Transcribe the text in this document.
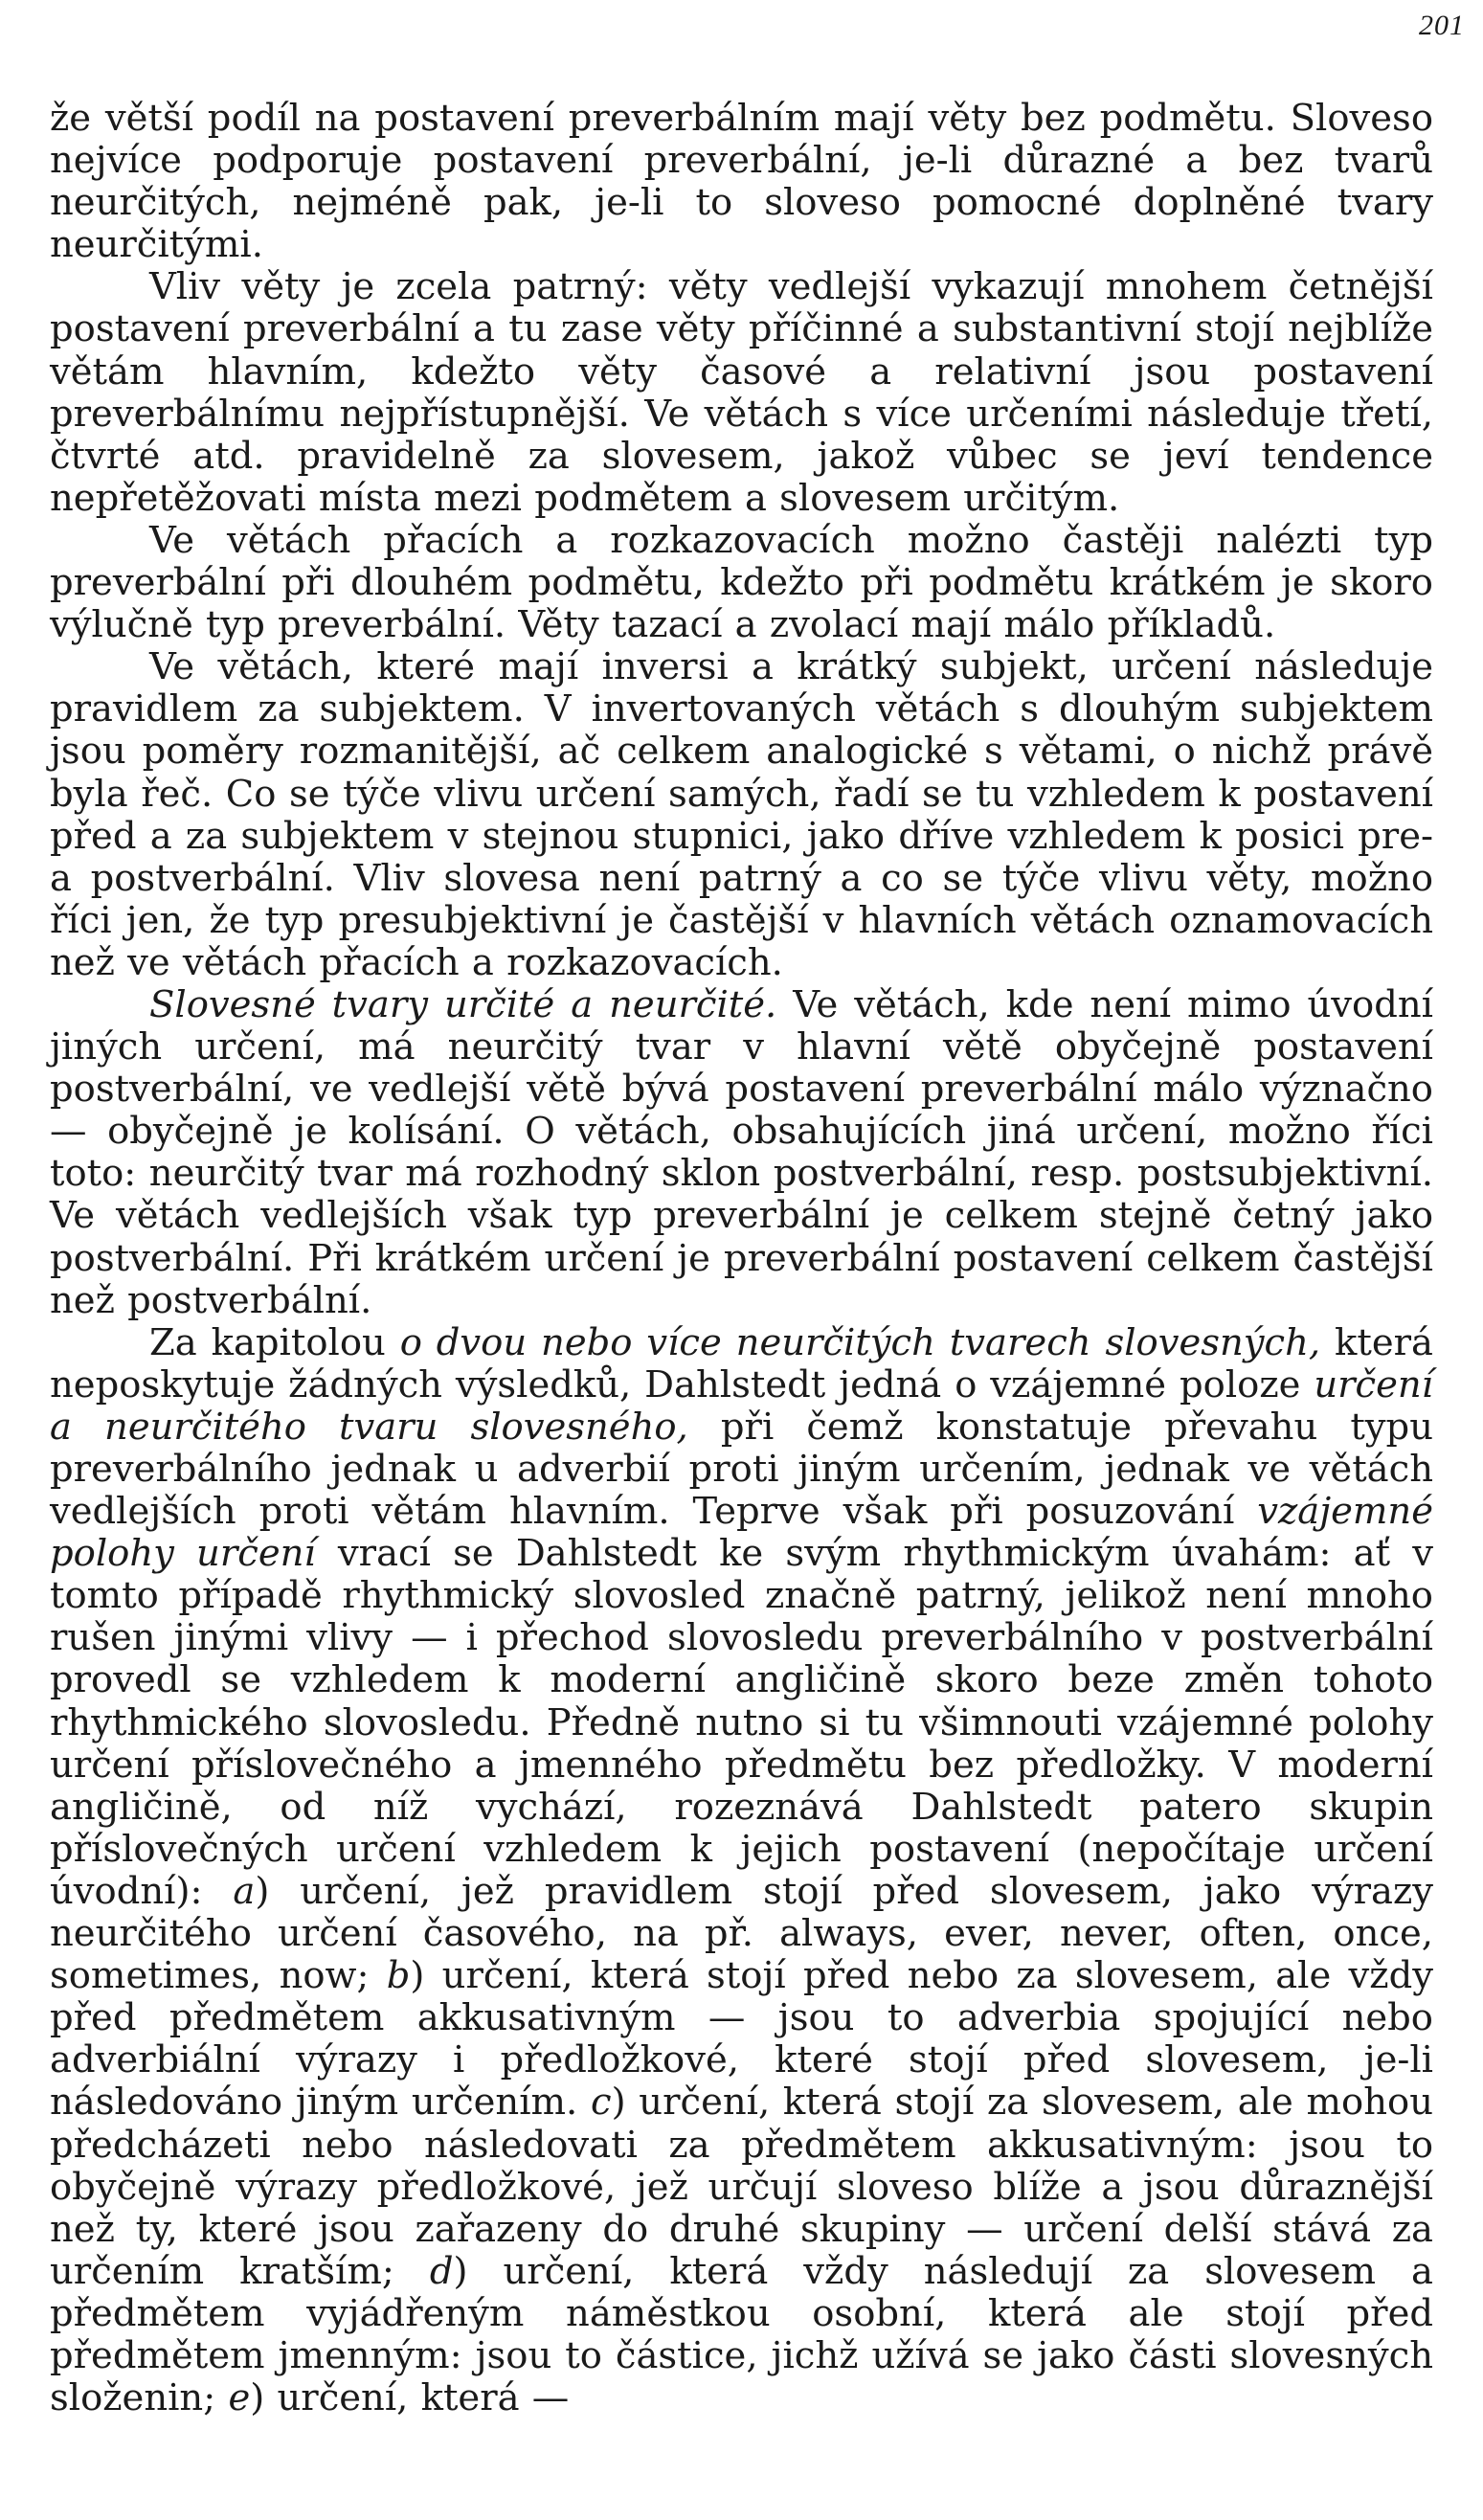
201

že větší podíl na postavení preverbálním mají věty bez podmětu. Sloveso nejvíce podporuje postavení preverbální, je-li důrazné a bez tvarů neurčitých, nejméně pak, je-li to sloveso pomocné doplněné tvary neurčitými.

Vliv věty je zcela patrný: věty vedlejší vykazují mnohem četnější postavení preverbální a tu zase věty příčinné a substantivní stojí nejblíže větám hlavním, kdežto věty časové a relativní jsou postavení preverbálnímu nejpřístupnější. Ve větách s více určeními následuje třetí, čtvrté atd. pravidelně za slovesem, jakož vůbec se jeví tendence nepřetěžovati místa mezi podmětem a slovesem určitým.

Ve větách přacích a rozkazovacích možno častěji nalézti typ preverbální při dlouhém podmětu, kdežto při podmětu krátkém je skoro výlučně typ preverbální. Věty tazací a zvolací mají málo příkladů.

Ve větách, které mají inversi a krátký subjekt, určení následuje pravidlem za subjektem. V invertovaných větách s dlouhým subjektem jsou poměry rozmanitější, ač celkem analogické s větami, o nichž právě byla řeč. Co se týče vlivu určení samých, řadí se tu vzhledem k postavení před a za subjektem v stejnou stupnici, jako dříve vzhledem k posici pre- a postverbální. Vliv slovesa není patrný a co se týče vlivu věty, možno říci jen, že typ presubjektivní je častější v hlavních větách oznamovacích než ve větách přacích a rozkazovacích.

Slovesné tvary určité a neurčité. Ve větách, kde není mimo úvodní jiných určení, má neurčitý tvar v hlavní větě obyčejně postavení postverbální, ve vedlejší větě bývá postavení preverbální málo význačno — obyčejně je kolísání. O větách, obsahujících jiná určení, možno říci toto: neurčitý tvar má rozhodný sklon postverbální, resp. postsubjektivní. Ve větách vedlejších však typ preverbální je celkem stejně četný jako postverbální. Při krátkém určení je preverbální postavení celkem častější než postverbální.

Za kapitolou o dvou nebo více neurčitých tvarech slovesných, která neposkytuje žádných výsledků, Dahlstedt jedná o vzájemné poloze určení a neurčitého tvaru slovesného, při čemž konstatuje převahu typu preverbálního jednak u adverbií proti jiným určením, jednak ve větách vedlejších proti větám hlavním. Teprve však při posuzování vzájemné polohy určení vrací se Dahlstedt ke svým rhythmickým úvahám: ať v tomto případě rhythmický slovosled značně patrný, jelikož není mnoho rušen jinými vlivy — i přechod slovosledu preverbálního v postverbální provedl se vzhledem k moderní angličině skoro beze změn tohoto rhythmického slovosledu. Předně nutno si tu všimnouti vzájemné polohy určení příslovečného a jmenného předmětu bez předložky. V moderní angličině, od níž vychází, rozeznává Dahlstedt patero skupin příslovečných určení vzhledem k jejich postavení (nepočítaje určení úvodní): a) určení, jež pravidlem stojí před slovesem, jako výrazy neurčitého určení časového, na př. always, ever, never, often, once, sometimes, now; b) určení, která stojí před nebo za slovesem, ale vždy před předmětem akkusativným — jsou to adverbia spojující nebo adverbiální výrazy i předložkové, které stojí před slovesem, je-li následováno jiným určením. c) určení, která stojí za slovesem, ale mohou předcházeti nebo následovati za předmětem akkusativným: jsou to obyčejně výrazy předložkové, jež určují sloveso blíže a jsou důraznější než ty, které jsou zařazeny do druhé skupiny — určení delší stává za určením kratším; d) určení, která vždy následují za slovesem a předmětem vyjádřeným náměstkou osobní, která ale stojí před předmětem jmenným: jsou to částice, jichž užívá se jako části slovesných složenin; e) určení, která —
